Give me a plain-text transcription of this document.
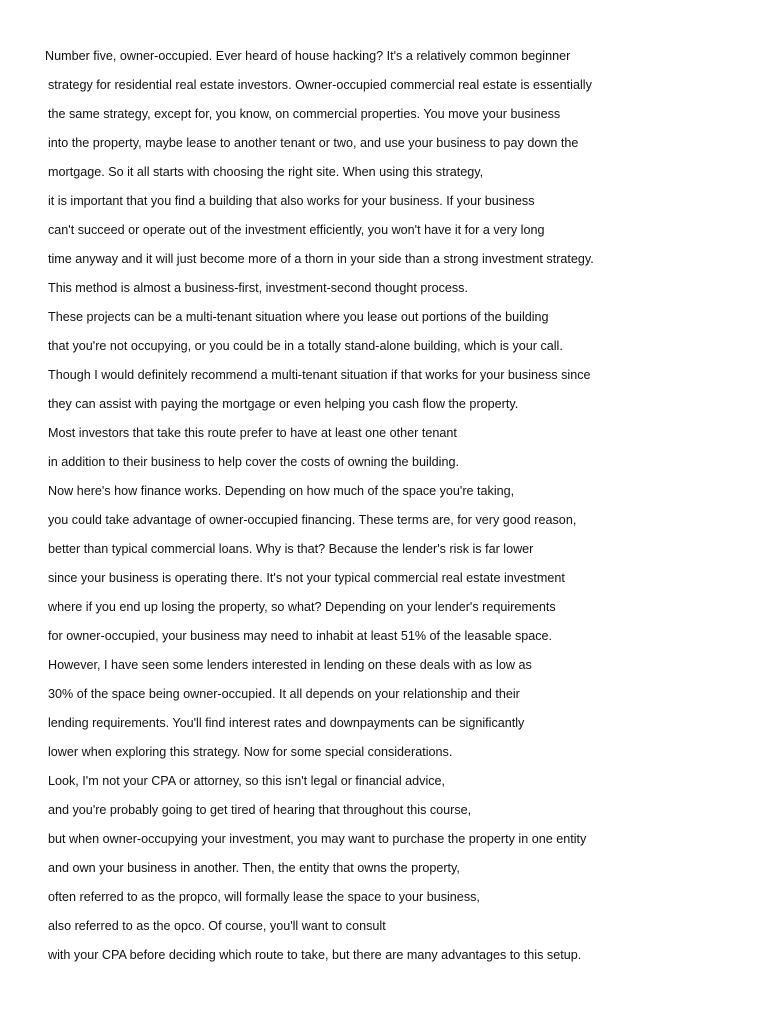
Number five, owner-occupied. Ever heard of house hacking? It's a relatively common beginner
strategy for residential real estate investors. Owner-occupied commercial real estate is essentially
the same strategy, except for, you know, on commercial properties. You move your business
into the property, maybe lease to another tenant or two, and use your business to pay down the
mortgage. So it all starts with choosing the right site. When using this strategy,
it is important that you find a building that also works for your business. If your business
can't succeed or operate out of the investment efficiently, you won't have it for a very long
time anyway and it will just become more of a thorn in your side than a strong investment strategy.
This method is almost a business-first, investment-second thought process.
These projects can be a multi-tenant situation where you lease out portions of the building
that you're not occupying, or you could be in a totally stand-alone building, which is your call.
Though I would definitely recommend a multi-tenant situation if that works for your business since
they can assist with paying the mortgage or even helping you cash flow the property.
Most investors that take this route prefer to have at least one other tenant
in addition to their business to help cover the costs of owning the building.
Now here's how finance works. Depending on how much of the space you're taking,
you could take advantage of owner-occupied financing. These terms are, for very good reason,
better than typical commercial loans. Why is that? Because the lender's risk is far lower
since your business is operating there. It's not your typical commercial real estate investment
where if you end up losing the property, so what? Depending on your lender's requirements
for owner-occupied, your business may need to inhabit at least 51% of the leasable space.
However, I have seen some lenders interested in lending on these deals with as low as
30% of the space being owner-occupied. It all depends on your relationship and their
lending requirements. You'll find interest rates and downpayments can be significantly
lower when exploring this strategy. Now for some special considerations.
Look, I'm not your CPA or attorney, so this isn't legal or financial advice,
and you're probably going to get tired of hearing that throughout this course,
but when owner-occupying your investment, you may want to purchase the property in one entity
and own your business in another. Then, the entity that owns the property,
often referred to as the propco, will formally lease the space to your business,
also referred to as the opco. Of course, you'll want to consult
with your CPA before deciding which route to take, but there are many advantages to this setup.
